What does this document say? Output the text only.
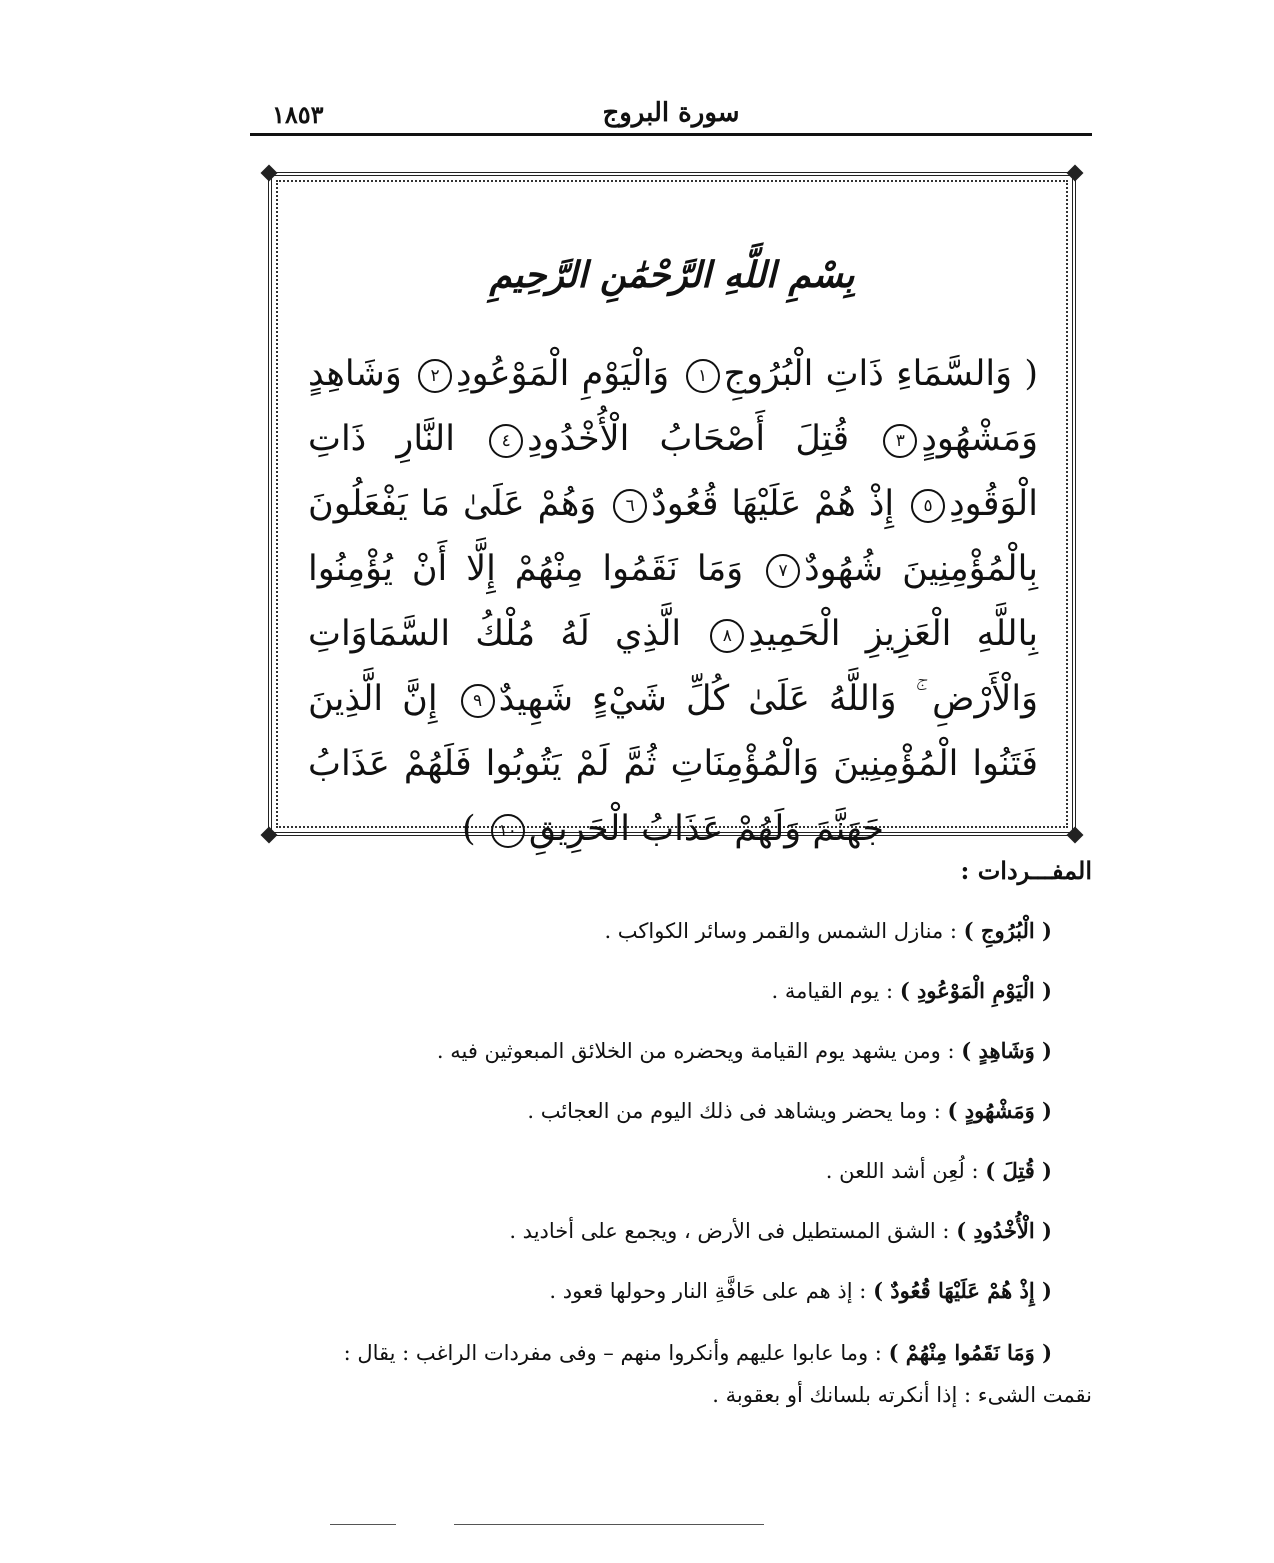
سورة البروج
١٨٥٣
بِسْمِ اللَّهِ الرَّحْمَٰنِ الرَّحِيمِ
( وَالسَّمَاءِ ذَاتِ الْبُرُوجِ١ وَالْيَوْمِ الْمَوْعُودِ٢ وَشَاهِدٍ وَمَشْهُودٍ٣ قُتِلَ أَصْحَابُ الْأُخْدُودِ٤ النَّارِ ذَاتِ الْوَقُودِ٥ إِذْ هُمْ عَلَيْهَا قُعُودٌ٦ وَهُمْ عَلَىٰ مَا يَفْعَلُونَ بِالْمُؤْمِنِينَ شُهُودٌ٧ وَمَا نَقَمُوا مِنْهُمْ إِلَّا أَنْ يُؤْمِنُوا بِاللَّهِ الْعَزِيزِ الْحَمِيدِ٨ الَّذِي لَهُ مُلْكُ السَّمَاوَاتِ وَالْأَرْضِ ۚ وَاللَّهُ عَلَىٰ كُلِّ شَيْءٍ شَهِيدٌ٩ إِنَّ الَّذِينَ فَتَنُوا الْمُؤْمِنِينَ وَالْمُؤْمِنَاتِ ثُمَّ لَمْ يَتُوبُوا فَلَهُمْ عَذَابُ جَهَنَّمَ وَلَهُمْ عَذَابُ الْحَرِيقِ١٠ )
المفـــردات :
( الْبُرُوجِ ) : منازل الشمس والقمر وسائر الكواكب .
( الْيَوْمِ الْمَوْعُودِ ) : يوم القيامة .
( وَشَاهِدٍ ) : ومن يشهد يوم القيامة ويحضره من الخلائق المبعوثين فيه .
( وَمَشْهُودٍ ) : وما يحضر ويشاهد فى ذلك اليوم من العجائب .
( قُتِلَ ) : لُعِن أشد اللعن .
( الْأُخْدُودِ ) : الشق المستطيل فى الأرض ، ويجمع على أخاديد .
( إِذْ هُمْ عَلَيْهَا قُعُودٌ ) : إذ هم على حَافَّةِ النار وحولها قعود .
( وَمَا نَقَمُوا مِنْهُمْ ) : وما عابوا عليهم وأنكروا منهم – وفى مفردات الراغب : يقال :
نقمت الشىء : إذا أنكرته بلسانك أو بعقوبة .
